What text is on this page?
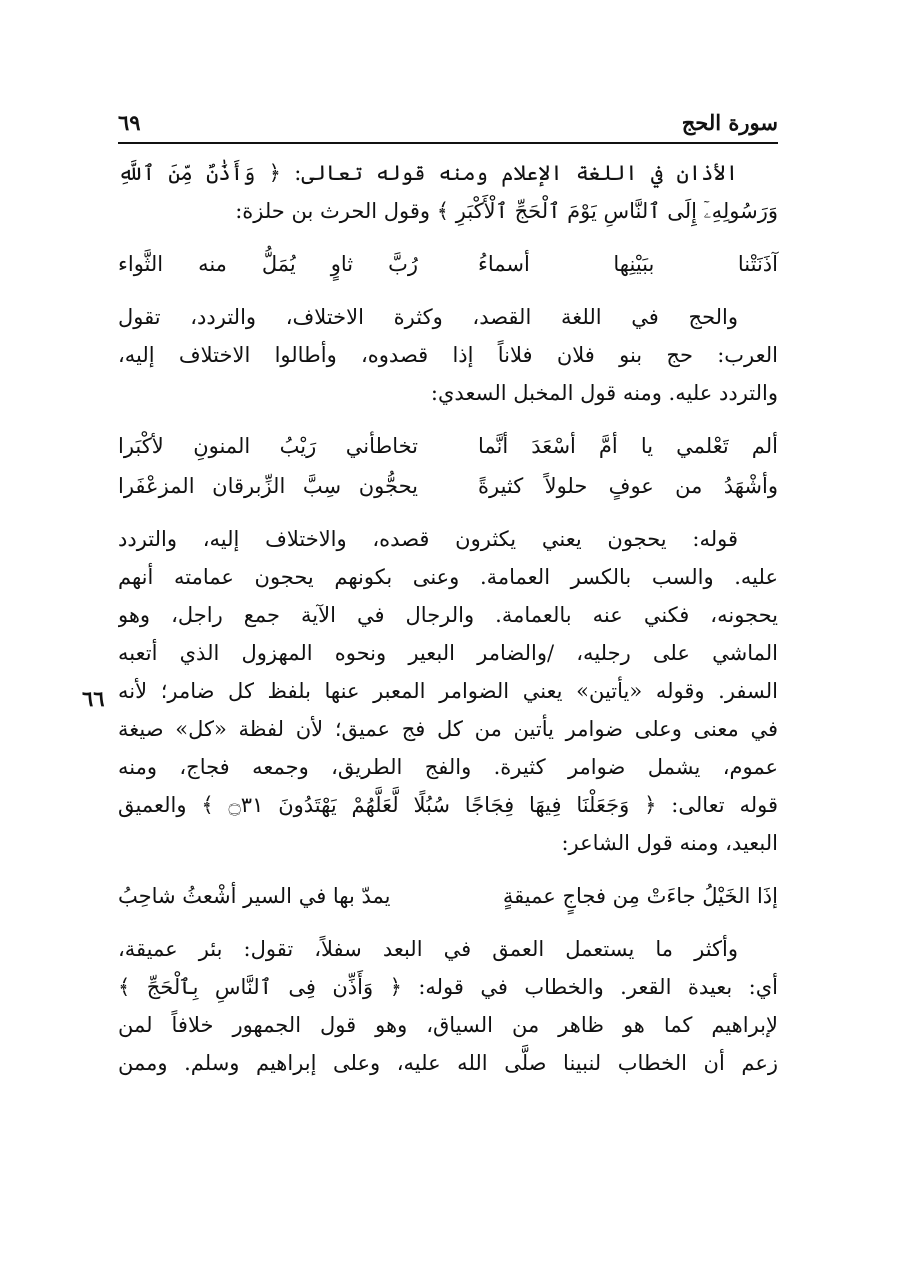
سورة الحج
٦٩
الأذان في اللغة الإعلام ومنه قوله تعالى: ﴿ وَأَذَٰنٌ مِّنَ ٱللَّهِ
وَرَسُولِهِۦٓ إِلَى ٱلنَّاسِ يَوْمَ ٱلْحَجِّ ٱلْأَكْبَرِ ﴾ وقول الحرث بن حلزة:
آذَنَتْنا ببَيْنِها أسماءُ
رُبَّ ثاوٍ يُمَلُّ منه الثَّواء
والحج في اللغة القصد، وكثرة الاختلاف، والتردد، تقول
العرب: حج بنو فلان فلاناً إذا قصدوه، وأطالوا الاختلاف إليه،
والتردد عليه. ومنه قول المخبل السعدي:
ألم تَعْلمي يا أمَّ أسْعَدَ أنَّما
تخاطأني رَيْبُ المنونِ لأكْبَرا
وأشْهَدُ من عوفٍ حلولاً كثيرةً
يحجُّون سِبَّ الزِّبرقان المزعْفَرا
قوله: يحجون يعني يكثرون قصده، والاختلاف إليه، والتردد
عليه. والسب بالكسر العمامة. وعنى بكونهم يحجون عمامته أنهم
يحجونه، فكني عنه بالعمامة. والرجال في الآية جمع راجل، وهو
الماشي على رجليه، /والضامر البعير ونحوه المهزول الذي أتعبه
السفر. وقوله «يأتين» يعني الضوامر المعبر عنها بلفظ كل ضامر؛ لأنه
في معنى وعلى ضوامر يأتين من كل فج عميق؛ لأن لفظة «كل» صيغة
عموم، يشمل ضوامر كثيرة. والفج الطريق، وجمعه فجاج، ومنه
قوله تعالى: ﴿ وَجَعَلْنَا فِيهَا فِجَاجًا سُبُلًا لَّعَلَّهُمْ يَهْتَدُونَ ۝٣١ ﴾ والعميق
البعيد، ومنه قول الشاعر:
إذَا الخَيْلُ جاءَتْ مِن فجاجٍ عميقةٍ
يمدّ بها في السير أشْعثُ شاحِبُ
وأكثر ما يستعمل العمق في البعد سفلاً، تقول: بئر عميقة،
أي: بعيدة القعر. والخطاب في قوله: ﴿ وَأَذِّن فِى ٱلنَّاسِ بِٱلْحَجِّ ﴾
لإبراهيم كما هو ظاهر من السياق، وهو قول الجمهور خلافاً لمن
زعم أن الخطاب لنبينا صلَّى الله عليه، وعلى إبراهيم وسلم. وممن
٦٦
